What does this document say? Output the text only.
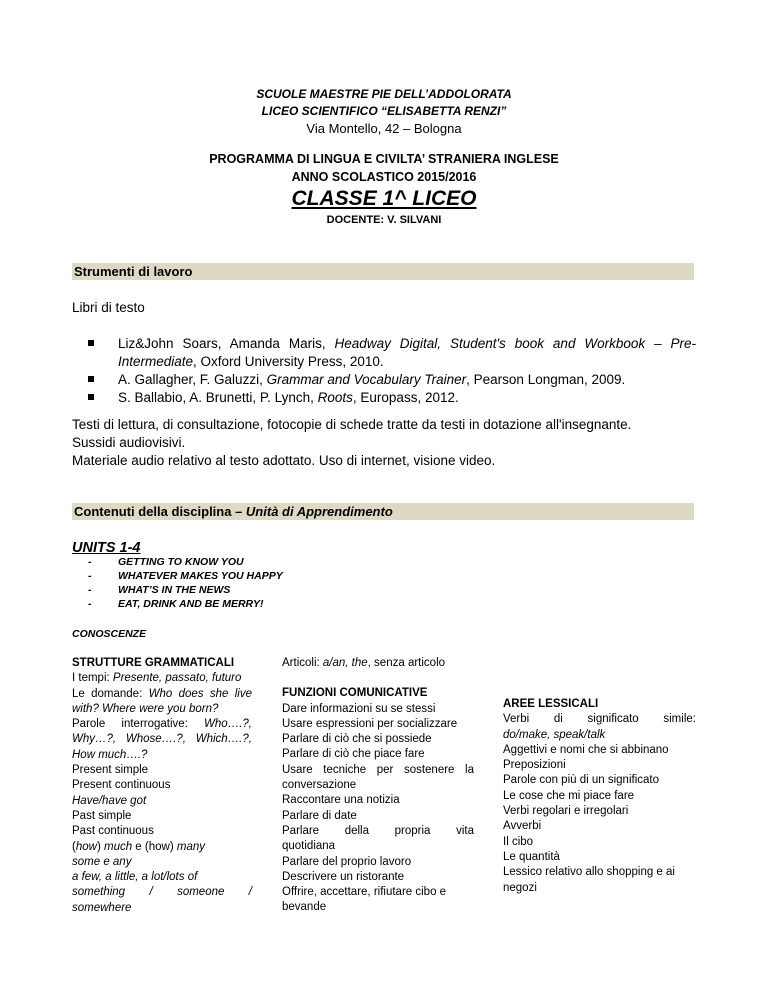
SCUOLE MAESTRE PIE DELL’ADDOLORATA
LICEO SCIENTIFICO “ELISABETTA RENZI”
Via Montello, 42 – Bologna
PROGRAMMA DI LINGUA E CIVILTA’ STRANIERA INGLESE
ANNO SCOLASTICO 2015/2016
CLASSE 1^ LICEO
DOCENTE: V. SILVANI
Strumenti di lavoro
Libri di testo
Liz&John Soars, Amanda Maris, Headway Digital, Student's book and Workbook – Pre-Intermediate, Oxford University Press, 2010.
A. Gallagher, F. Galuzzi, Grammar and Vocabulary Trainer, Pearson Longman, 2009.
S. Ballabio, A. Brunetti, P. Lynch, Roots, Europass, 2012.
Testi di lettura, di consultazione, fotocopie di schede tratte da testi in dotazione all'insegnante.
Sussidi audiovisivi.
Materiale audio relativo al testo adottato. Uso di internet, visione video.
Contenuti della disciplina – Unità di Apprendimento
UNITS 1-4
-	GETTING TO KNOW YOU
-	WHATEVER MAKES YOU HAPPY
-	WHAT’S IN THE NEWS
-	EAT, DRINK AND BE MERRY!
CONOSCENZE
STRUTTURE GRAMMATICALI
I tempi: Presente, passato, futuro
Le domande: Who does she live
with? Where were you born?
Parole interrogative: Who….?,
Why…?, Whose….?, Which….?,
How much….?
Present simple
Present continuous
Have/have got
Past simple
Past continuous
(how) much e (how) many
some e any
a few, a little, a lot/lots of
something / someone /
somewhere
Articoli: a/an, the, senza articolo
FUNZIONI COMUNICATIVE
Dare informazioni su se stessi
Usare espressioni per socializzare
Parlare di ciò che si possiede
Parlare di ciò che piace fare
Usare tecniche per sostenere la
conversazione
Raccontare una notizia
Parlare di date
Parlare della propria vita
quotidiana
Parlare del proprio lavoro
Descrivere un ristorante
Offrire, accettare, rifiutare cibo e
bevande
AREE LESSICALI
Verbi di significato simile:
do/make, speak/talk
Aggettivi e nomi che si abbinano
Preposizioni
Parole con più di un significato
Le cose che mi piace fare
Verbi regolari e irregolari
Avverbi
Il cibo
Le quantità
Lessico relativo allo shopping e ai
negozi
